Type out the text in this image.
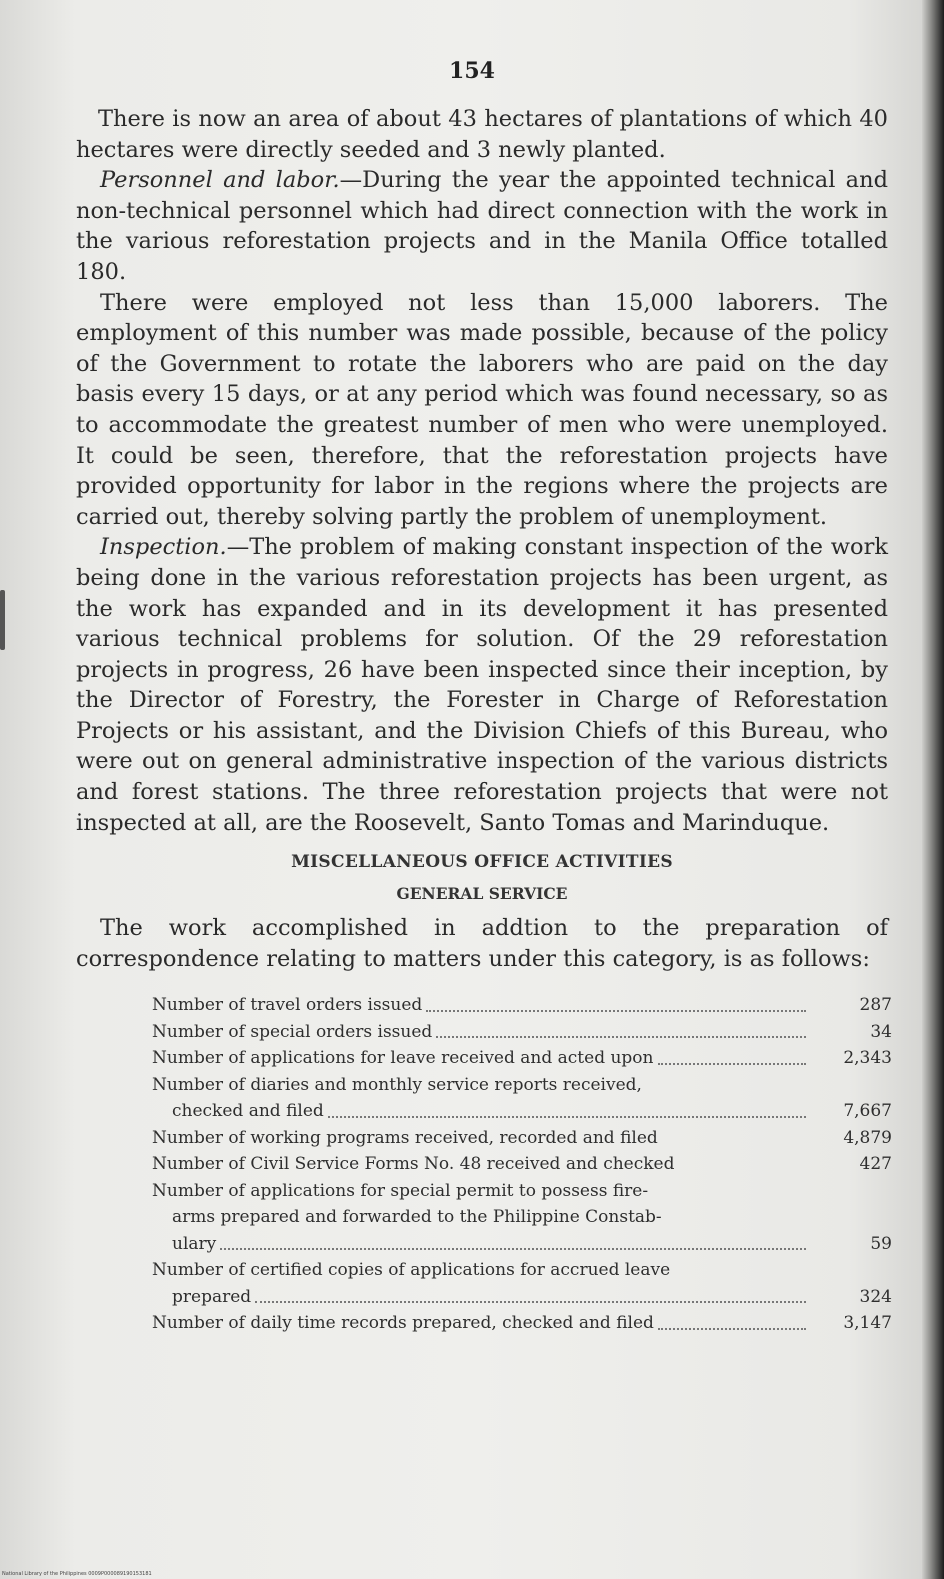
154

There is now an area of about 43 hectares of plantations of which 40 hectares were directly seeded and 3 newly planted.

Personnel and labor.—During the year the appointed technical and non-technical personnel which had direct connection with the work in the various reforestation projects and in the Manila Office totalled 180.

There were employed not less than 15,000 laborers. The employment of this number was made possible, because of the policy of the Government to rotate the laborers who are paid on the day basis every 15 days, or at any period which was found necessary, so as to accommodate the greatest number of men who were unemployed. It could be seen, therefore, that the reforestation projects have provided opportunity for labor in the regions where the projects are carried out, thereby solving partly the problem of unemployment.

Inspection.—The problem of making constant inspection of the work being done in the various reforestation projects has been urgent, as the work has expanded and in its development it has presented various technical problems for solution. Of the 29 reforestation projects in progress, 26 have been inspected since their inception, by the Director of Forestry, the Forester in Charge of Reforestation Projects or his assistant, and the Division Chiefs of this Bureau, who were out on general administrative inspection of the various districts and forest stations. The three reforestation projects that were not inspected at all, are the Roosevelt, Santo Tomas and Marinduque.

MISCELLANEOUS OFFICE ACTIVITIES
GENERAL SERVICE

The work accomplished in addtion to the preparation of correspondence relating to matters under this category, is as follows:

Number of travel orders issued	287
Number of special orders issued	34
Number of applications for leave received and acted upon	2,343
Number of diaries and monthly service reports received,
checked and filed	7,667
Number of working programs received, recorded and filed	4,879
Number of Civil Service Forms No. 48 received and checked	427
Number of applications for special permit to possess fire-
arms prepared and forwarded to the Philippine Constab-
ulary	59
Number of certified copies of applications for accrued leave
prepared	324
Number of daily time records prepared, checked and filed	3,147
National Library of the Philippines 0009P000089190153181
